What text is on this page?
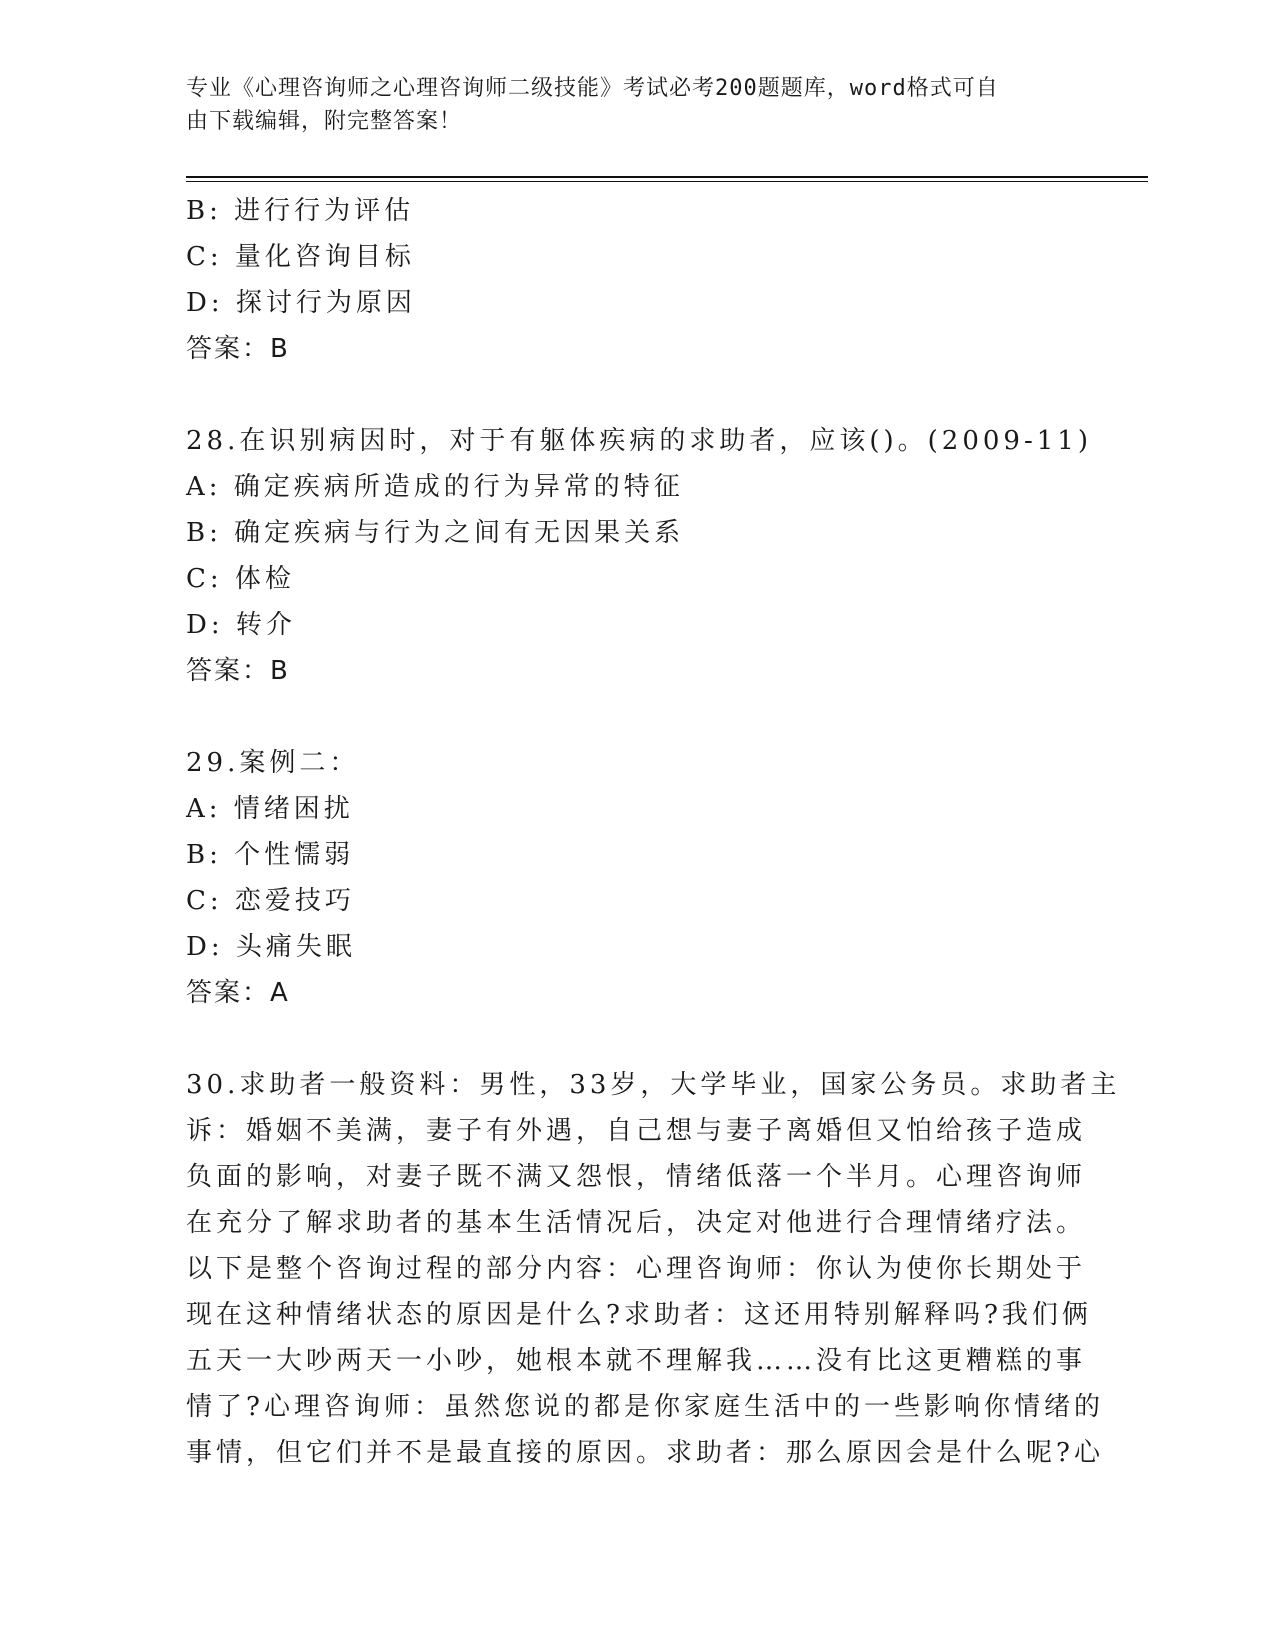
专业《心理咨询师之心理咨询师二级技能》考试必考200题题库，word格式可自
由下载编辑，附完整答案！
B: 进行行为评估
C: 量化咨询目标
D: 探讨行为原因
答案：B
28.在识别病因时，对于有躯体疾病的求助者，应该()。(2009-11)
A: 确定疾病所造成的行为异常的特征
B: 确定疾病与行为之间有无因果关系
C: 体检
D: 转介
答案：B
29.案例二：
A: 情绪困扰
B: 个性懦弱
C: 恋爱技巧
D: 头痛失眠
答案：A
30.求助者一般资料：男性，33岁，大学毕业，国家公务员。求助者主
诉：婚姻不美满，妻子有外遇，自己想与妻子离婚但又怕给孩子造成
负面的影响，对妻子既不满又怨恨，情绪低落一个半月。心理咨询师
在充分了解求助者的基本生活情况后，决定对他进行合理情绪疗法。
以下是整个咨询过程的部分内容：心理咨询师：你认为使你长期处于
现在这种情绪状态的原因是什么?求助者：这还用特别解释吗?我们俩
五天一大吵两天一小吵，她根本就不理解我……没有比这更糟糕的事
情了?心理咨询师：虽然您说的都是你家庭生活中的一些影响你情绪的
事情，但它们并不是最直接的原因。求助者：那么原因会是什么呢?心
